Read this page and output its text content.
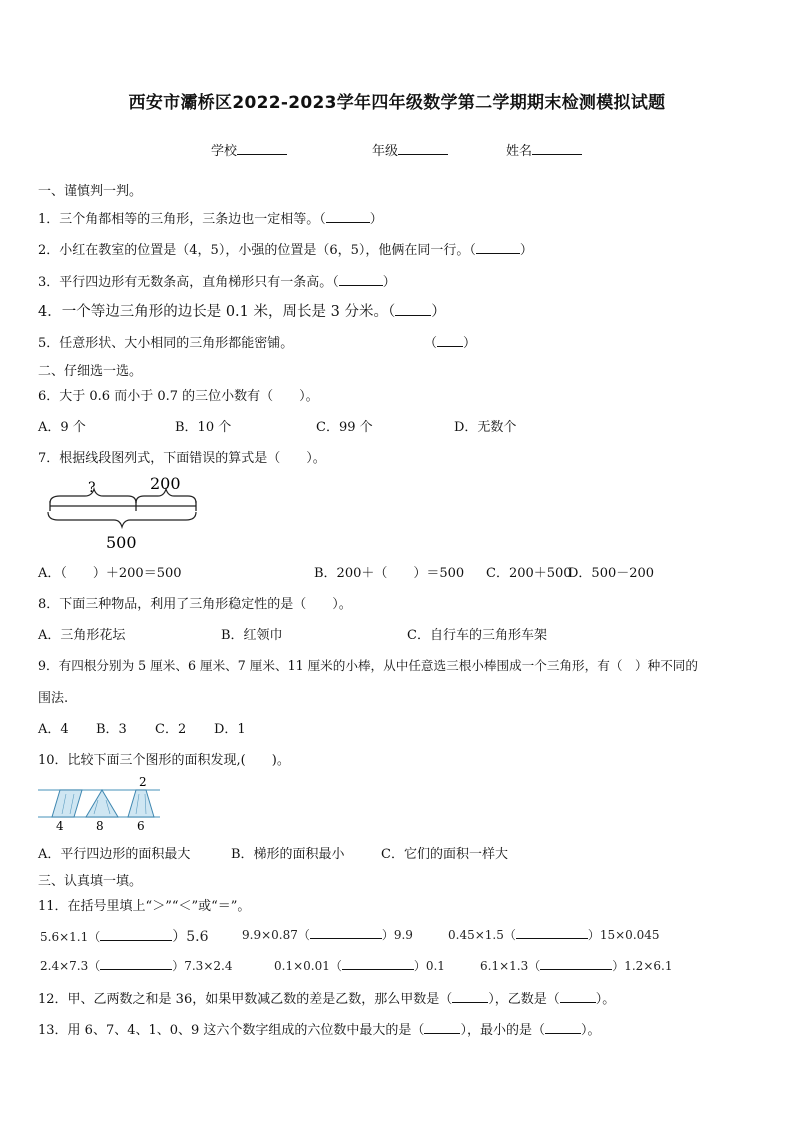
西安市灞桥区2022-2023学年四年级数学第二学期期末检测模拟试题
学校	年级	姓名
一、谨慎判一判。
1．三个角都相等的三角形，三条边也一定相等。（	）
2．小红在教室的位置是（4，5），小强的位置是（6，5），他俩在同一行。（	）
3．平行四边形有无数条高，直角梯形只有一条高。（	）
4．一个等边三角形的边长是 0.1 米，周长是 3 分米。（ ）
5．任意形状、大小相同的三角形都能密铺。	（ ）
二、仔细选一选。
6．大于 0.6 而小于 0.7 的三位小数有（　　）。
A．9 个	B．10 个	C．99 个	D．无数个
7．根据线段图列式，下面错误的算式是（　　）。
?	200
500
A．（　　）＋200＝500	B．200＋（　　）＝500 C．200＋500
D．500－200
8．下面三种物品，利用了三角形稳定性的是（　　）。
A．三角形花坛	B．红领巾	C．自行车的三角形车架
9．有四根分别为 5 厘米、6 厘米、7 厘米、11 厘米的小棒，从中任意选三根小棒围成一个三角形，有（　）种不同的
围法.
A．4 B．3 C．2 D．1
10．比较下面三个图形的面积发现,(　　)。
2
4	8	6
A．平行四边形的面积最大	B．梯形的面积最小	C．它们的面积一样大
三、认真填一填。
11．在括号里填上“＞”“＜”或“＝”。
5.6×1.1（	）5.6	9.9×0.87（	）9.9	0.45×1.5（	）15×0.045
2.4×7.3（	）7.3×2.4	0.1×0.01（	）0.1	6.1×1.3（	）1.2×6.1
12．甲、乙两数之和是 36，如果甲数减乙数的差是乙数，那么甲数是（	），乙数是（	）。
13．用 6、7、4、1、0、9 这六个数字组成的六位数中最大的是（	），最小的是（	）。
